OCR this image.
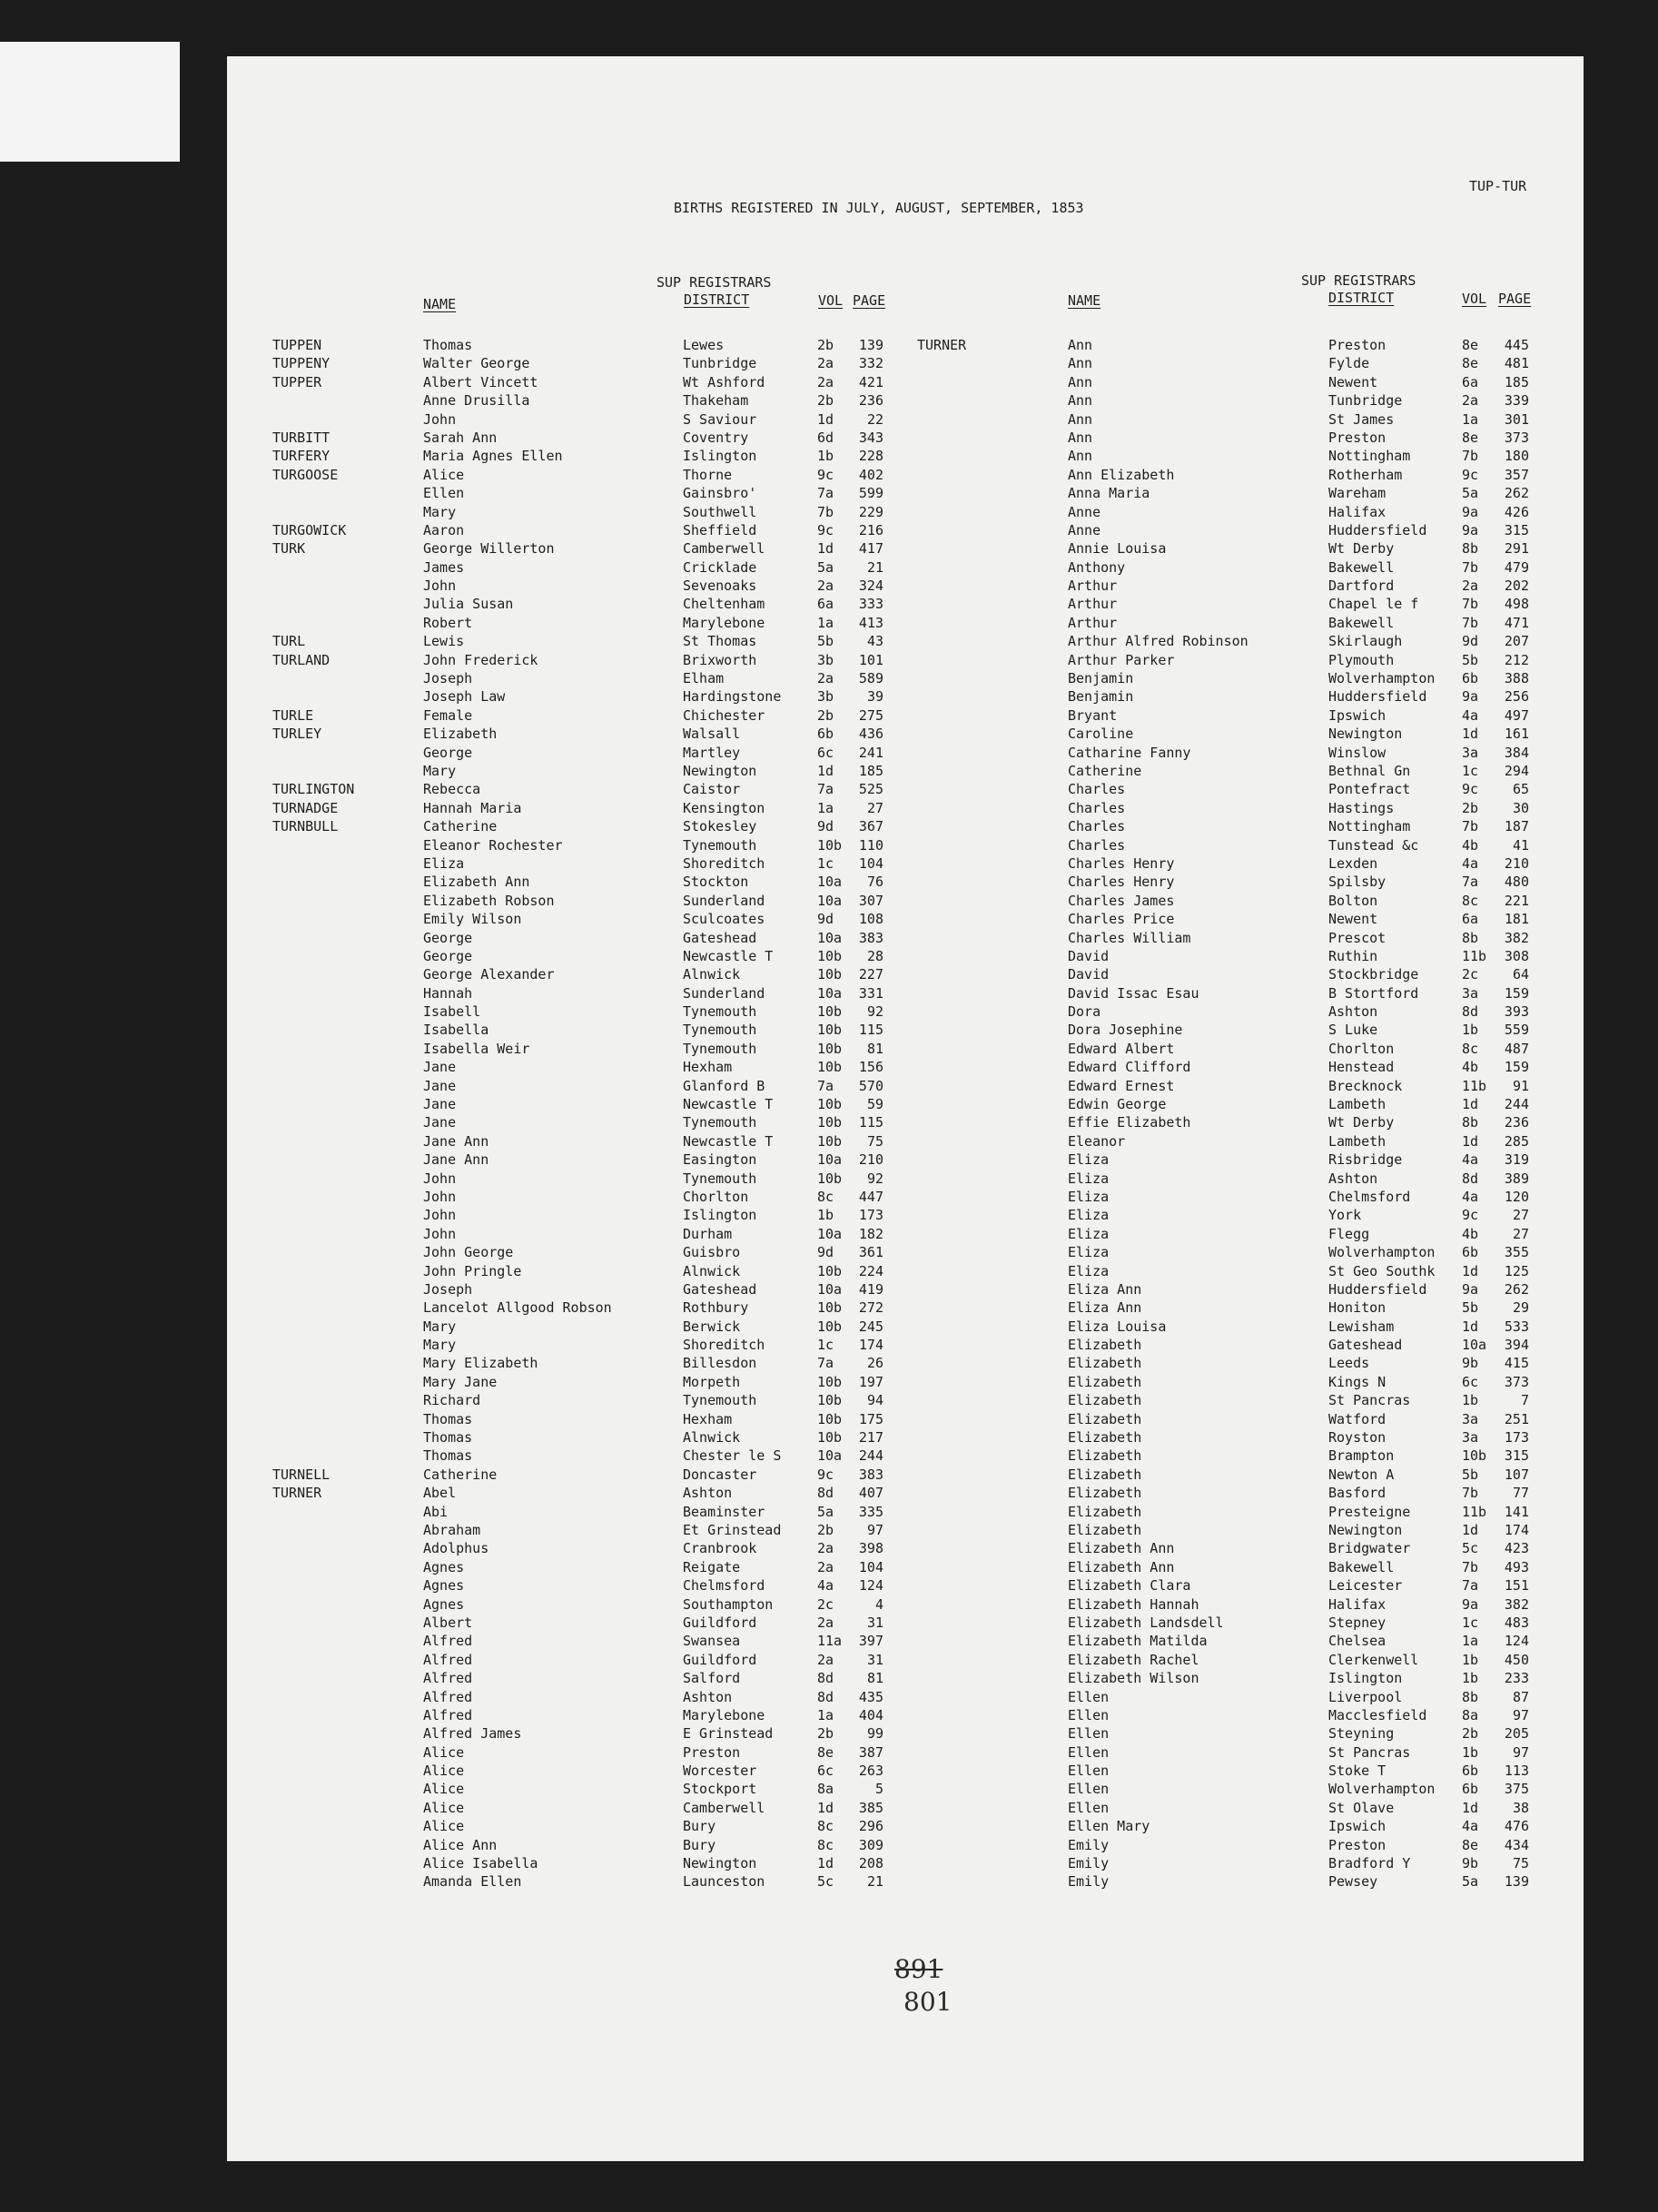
BIRTHS REGISTERED IN JULY, AUGUST, SEPTEMBER, 1853
TUP-TUR
SUP REGISTRARS
DISTRICT
NAME	VOL PAGE
SUP REGISTRARS
DISTRICT
NAME	VOL PAGE
TUPPEN	Thomas	Lewes	2b	139
TUPPENY	Walter George	Tunbridge	2a	332
TUPPER	Albert Vincett	Wt Ashford	2a	421
Anne Drusilla	Thakeham	2b	236
John	S Saviour	1d	22
TURBITT	Sarah Ann	Coventry	6d	343
TURFERY	Maria Agnes Ellen	Islington	1b	228
TURGOOSE	Alice	Thorne	9c	402
Ellen	Gainsbro'	7a	599
Mary	Southwell	7b	229
TURGOWICK	Aaron	Sheffield	9c	216
TURK	George Willerton	Camberwell	1d	417
James	Cricklade	5a	21
John	Sevenoaks	2a	324
Julia Susan	Cheltenham	6a	333
Robert	Marylebone	1a	413
TURL	Lewis	St Thomas	5b	43
TURLAND	John Frederick	Brixworth	3b	101
Joseph	Elham	2a	589
Joseph Law	Hardingstone	3b	39
TURLE	Female	Chichester	2b	275
TURLEY	Elizabeth	Walsall	6b	436
George	Martley	6c	241
Mary	Newington	1d	185
TURLINGTON	Rebecca	Caistor	7a	525
TURNADGE	Hannah Maria	Kensington	1a	27
TURNBULL	Catherine	Stokesley	9d	367
Eleanor Rochester	Tynemouth	10b	110
Eliza	Shoreditch	1c	104
Elizabeth Ann	Stockton	10a	76
Elizabeth Robson	Sunderland	10a	307
Emily Wilson	Sculcoates	9d	108
George	Gateshead	10a	383
George	Newcastle T	10b	28
George Alexander	Alnwick	10b	227
Hannah	Sunderland	10a	331
Isabell	Tynemouth	10b	92
Isabella	Tynemouth	10b	115
Isabella Weir	Tynemouth	10b	81
Jane	Hexham	10b	156
Jane	Glanford B	7a	570
Jane	Newcastle T	10b	59
Jane	Tynemouth	10b	115
Jane Ann	Newcastle T	10b	75
Jane Ann	Easington	10a	210
John	Tynemouth	10b	92
John	Chorlton	8c	447
John	Islington	1b	173
John	Durham	10a	182
John George	Guisbro	9d	361
John Pringle	Alnwick	10b	224
Joseph	Gateshead	10a	419
Lancelot Allgood Robson	Rothbury	10b	272
Mary	Berwick	10b	245
Mary	Shoreditch	1c	174
Mary Elizabeth	Billesdon	7a	26
Mary Jane	Morpeth	10b	197
Richard	Tynemouth	10b	94
Thomas	Hexham	10b	175
Thomas	Alnwick	10b	217
Thomas	Chester le S	10a	244
TURNELL	Catherine	Doncaster	9c	383
TURNER	Abel	Ashton	8d	407
Abi	Beaminster	5a	335
Abraham	Et Grinstead	2b	97
Adolphus	Cranbrook	2a	398
Agnes	Reigate	2a	104
Agnes	Chelmsford	4a	124
Agnes	Southampton	2c	4
Albert	Guildford	2a	31
Alfred	Swansea	11a	397
Alfred	Guildford	2a	31
Alfred	Salford	8d	81
Alfred	Ashton	8d	435
Alfred	Marylebone	1a	404
Alfred James	E Grinstead	2b	99
Alice	Preston	8e	387
Alice	Worcester	6c	263
Alice	Stockport	8a	5
Alice	Camberwell	1d	385
Alice	Bury	8c	296
Alice Ann	Bury	8c	309
Alice Isabella	Newington	1d	208
Amanda Ellen	Launceston	5c	21
TURNER	Ann	Preston	8e	445
Ann	Fylde	8e	481
Ann	Newent	6a	185
Ann	Tunbridge	2a	339
Ann	St James	1a	301
Ann	Preston	8e	373
Ann	Nottingham	7b	180
Ann Elizabeth	Rotherham	9c	357
Anna Maria	Wareham	5a	262
Anne	Halifax	9a	426
Anne	Huddersfield	9a	315
Annie Louisa	Wt Derby	8b	291
Anthony	Bakewell	7b	479
Arthur	Dartford	2a	202
Arthur	Chapel le f	7b	498
Arthur	Bakewell	7b	471
Arthur Alfred Robinson	Skirlaugh	9d	207
Arthur Parker	Plymouth	5b	212
Benjamin	Wolverhampton 6b	388
Benjamin	Huddersfield	9a	256
Bryant	Ipswich	4a	497
Caroline	Newington	1d	161
Catharine Fanny	Winslow	3a	384
Catherine	Bethnal Gn	1c	294
Charles	Pontefract	9c	65
Charles	Hastings	2b	30
Charles	Nottingham	7b	187
Charles	Tunstead &c	4b	41
Charles Henry	Lexden	4a	210
Charles Henry	Spilsby	7a	480
Charles James	Bolton	8c	221
Charles Price	Newent	6a	181
Charles William	Prescot	8b	382
David	Ruthin	11b	308
David	Stockbridge	2c	64
David Issac Esau	B Stortford	3a	159
Dora	Ashton	8d	393
Dora Josephine	S Luke	1b	559
Edward Albert	Chorlton	8c	487
Edward Clifford	Henstead	4b	159
Edward Ernest	Brecknock	11b	91
Edwin George	Lambeth	1d	244
Effie Elizabeth	Wt Derby	8b	236
Eleanor	Lambeth	1d	285
Eliza	Risbridge	4a	319
Eliza	Ashton	8d	389
Eliza	Chelmsford	4a	120
Eliza	York	9c	27
Eliza	Flegg	4b	27
Eliza	Wolverhampton 6b	355
Eliza	St Geo Southk 1d	125
Eliza Ann	Huddersfield	9a	262
Eliza Ann	Honiton	5b	29
Eliza Louisa	Lewisham	1d	533
Elizabeth	Gateshead	10a	394
Elizabeth	Leeds	9b	415
Elizabeth	Kings N	6c	373
Elizabeth	St Pancras	1b	7
Elizabeth	Watford	3a	251
Elizabeth	Royston	3a	173
Elizabeth	Brampton	10b	315
Elizabeth	Newton A	5b	107
Elizabeth	Basford	7b	77
Elizabeth	Presteigne	11b	141
Elizabeth	Newington	1d	174
Elizabeth Ann	Bridgwater	5c	423
Elizabeth Ann	Bakewell	7b	493
Elizabeth Clara	Leicester	7a	151
Elizabeth Hannah	Halifax	9a	382
Elizabeth Landsdell	Stepney	1c	483
Elizabeth Matilda	Chelsea	1a	124
Elizabeth Rachel	Clerkenwell	1b	450
Elizabeth Wilson	Islington	1b	233
Ellen	Liverpool	8b	87
Ellen	Macclesfield	8a	97
Ellen	Steyning	2b	205
Ellen	St Pancras	1b	97
Ellen	Stoke T	6b	113
Ellen	Wolverhampton 6b	375
Ellen	St Olave	1d	38
Ellen Mary	Ipswich	4a	476
Emily	Preston	8e	434
Emily	Bradford Y	9b	75
Emily	Pewsey	5a	139
891
801
